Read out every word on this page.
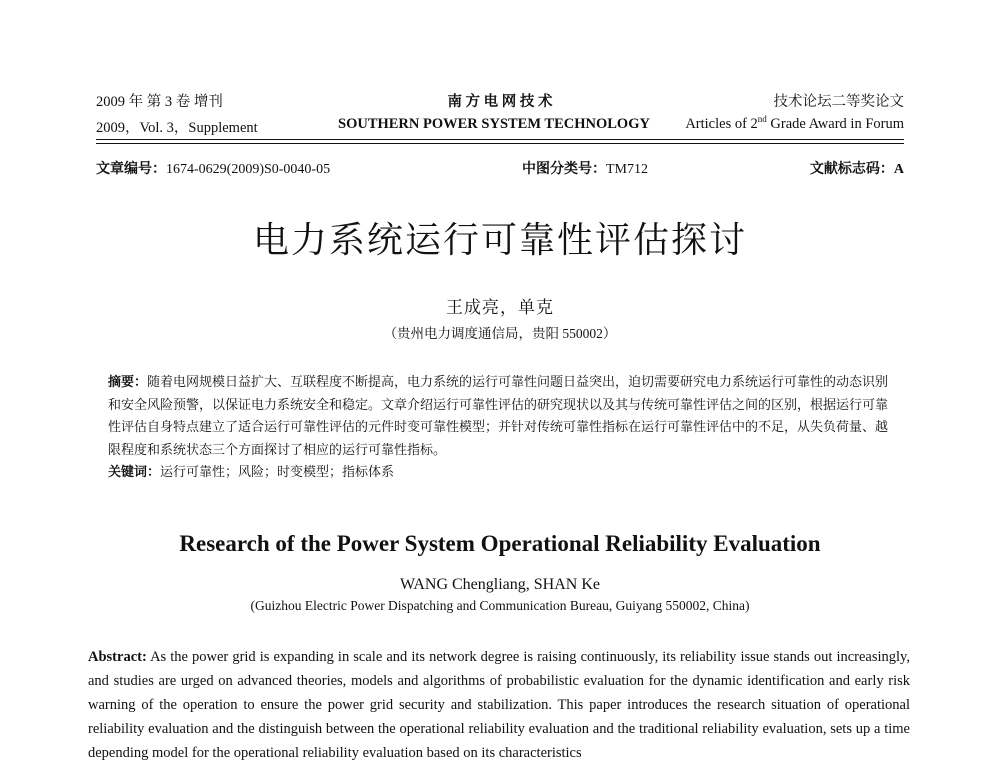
2009 年 第 3 卷 增刊	南 方 电 网 技 术	技术论坛二等奖论文
2009，Vol. 3，Supplement	SOUTHERN POWER SYSTEM TECHNOLOGY Articles of 2nd Grade Award in Forum
文章编号：1674-0629(2009)S0-0040-05	中图分类号：TM712	文献标志码：A
电力系统运行可靠性评估探讨
王成亮，单克
（贵州电力调度通信局，贵阳 550002）
摘要：随着电网规模日益扩大、互联程度不断提高，电力系统的运行可靠性问题日益突出，迫切需要研究电力系统运行可靠性的动态识别和安全风险预警，以保证电力系统安全和稳定。文章介绍运行可靠性评估的研究现状以及其与传统可靠性评估之间的区别，根据运行可靠性评估自身特点建立了适合运行可靠性评估的元件时变可靠性模型；并针对传统可靠性指标在运行可靠性评估中的不足，从失负荷量、越限程度和系统状态三个方面探讨了相应的运行可靠性指标。
关键词：运行可靠性；风险；时变模型；指标体系
Research of the Power System Operational Reliability Evaluation
WANG Chengliang, SHAN Ke
(Guizhou Electric Power Dispatching and Communication Bureau, Guiyang 550002, China)
Abstract: As the power grid is expanding in scale and its network degree is raising continuously, its reliability issue stands out increasingly, and studies are urged on advanced theories, models and algorithms of probabilistic evaluation for the dynamic identification and early risk warning of the operation to ensure the power grid security and stabilization. This paper introduces the research situation of operational reliability evaluation and the distinguish between the operational reliability evaluation and the traditional reliability evaluation, sets up a time depending model for the operational reliability evaluation based on its characteristics
